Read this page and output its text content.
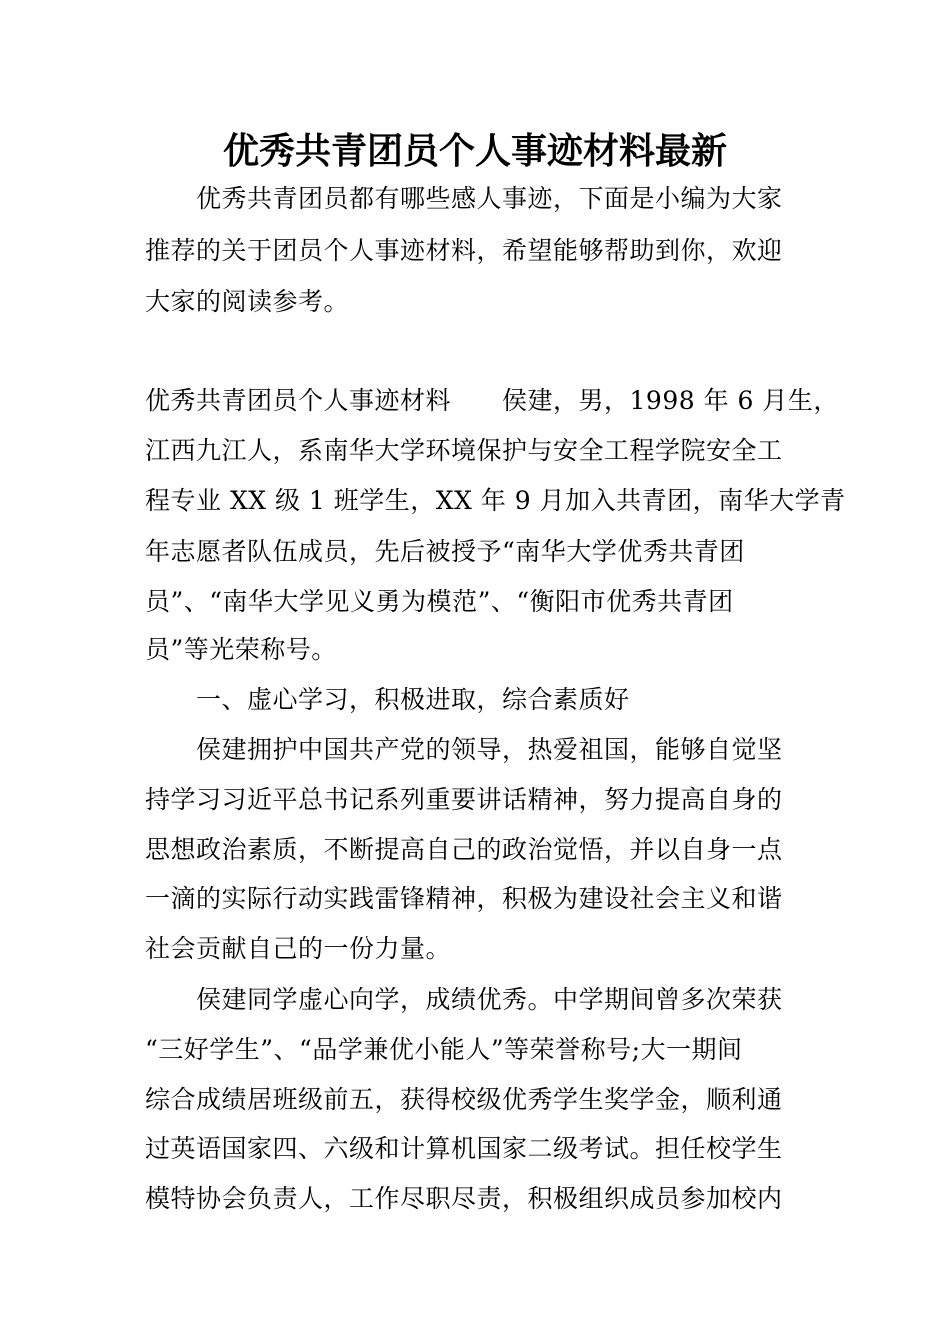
优秀共青团员个人事迹材料最新
优秀共青团员都有哪些感人事迹，下面是小编为大家
推荐的关于团员个人事迹材料，希望能够帮助到你，欢迎
大家的阅读参考。
优秀共青团员个人事迹材料　　侯建，男，1998 年 6 月生，
江西九江人，系南华大学环境保护与安全工程学院安全工
程专业 XX 级 1 班学生，XX 年 9 月加入共青团，南华大学青
年志愿者队伍成员，先后被授予“南华大学优秀共青团
员”、“南华大学见义勇为模范”、“衡阳市优秀共青团
员”等光荣称号。
一、虚心学习，积极进取，综合素质好
侯建拥护中国共产党的领导，热爱祖国，能够自觉坚
持学习习近平总书记系列重要讲话精神，努力提高自身的
思想政治素质，不断提高自己的政治觉悟，并以自身一点
一滴的实际行动实践雷锋精神，积极为建设社会主义和谐
社会贡献自己的一份力量。
侯建同学虚心向学，成绩优秀。中学期间曾多次荣获
“三好学生”、“品学兼优小能人”等荣誉称号;大一期间
综合成绩居班级前五，获得校级优秀学生奖学金，顺利通
过英语国家四、六级和计算机国家二级考试。担任校学生
模特协会负责人，工作尽职尽责，积极组织成员参加校内
